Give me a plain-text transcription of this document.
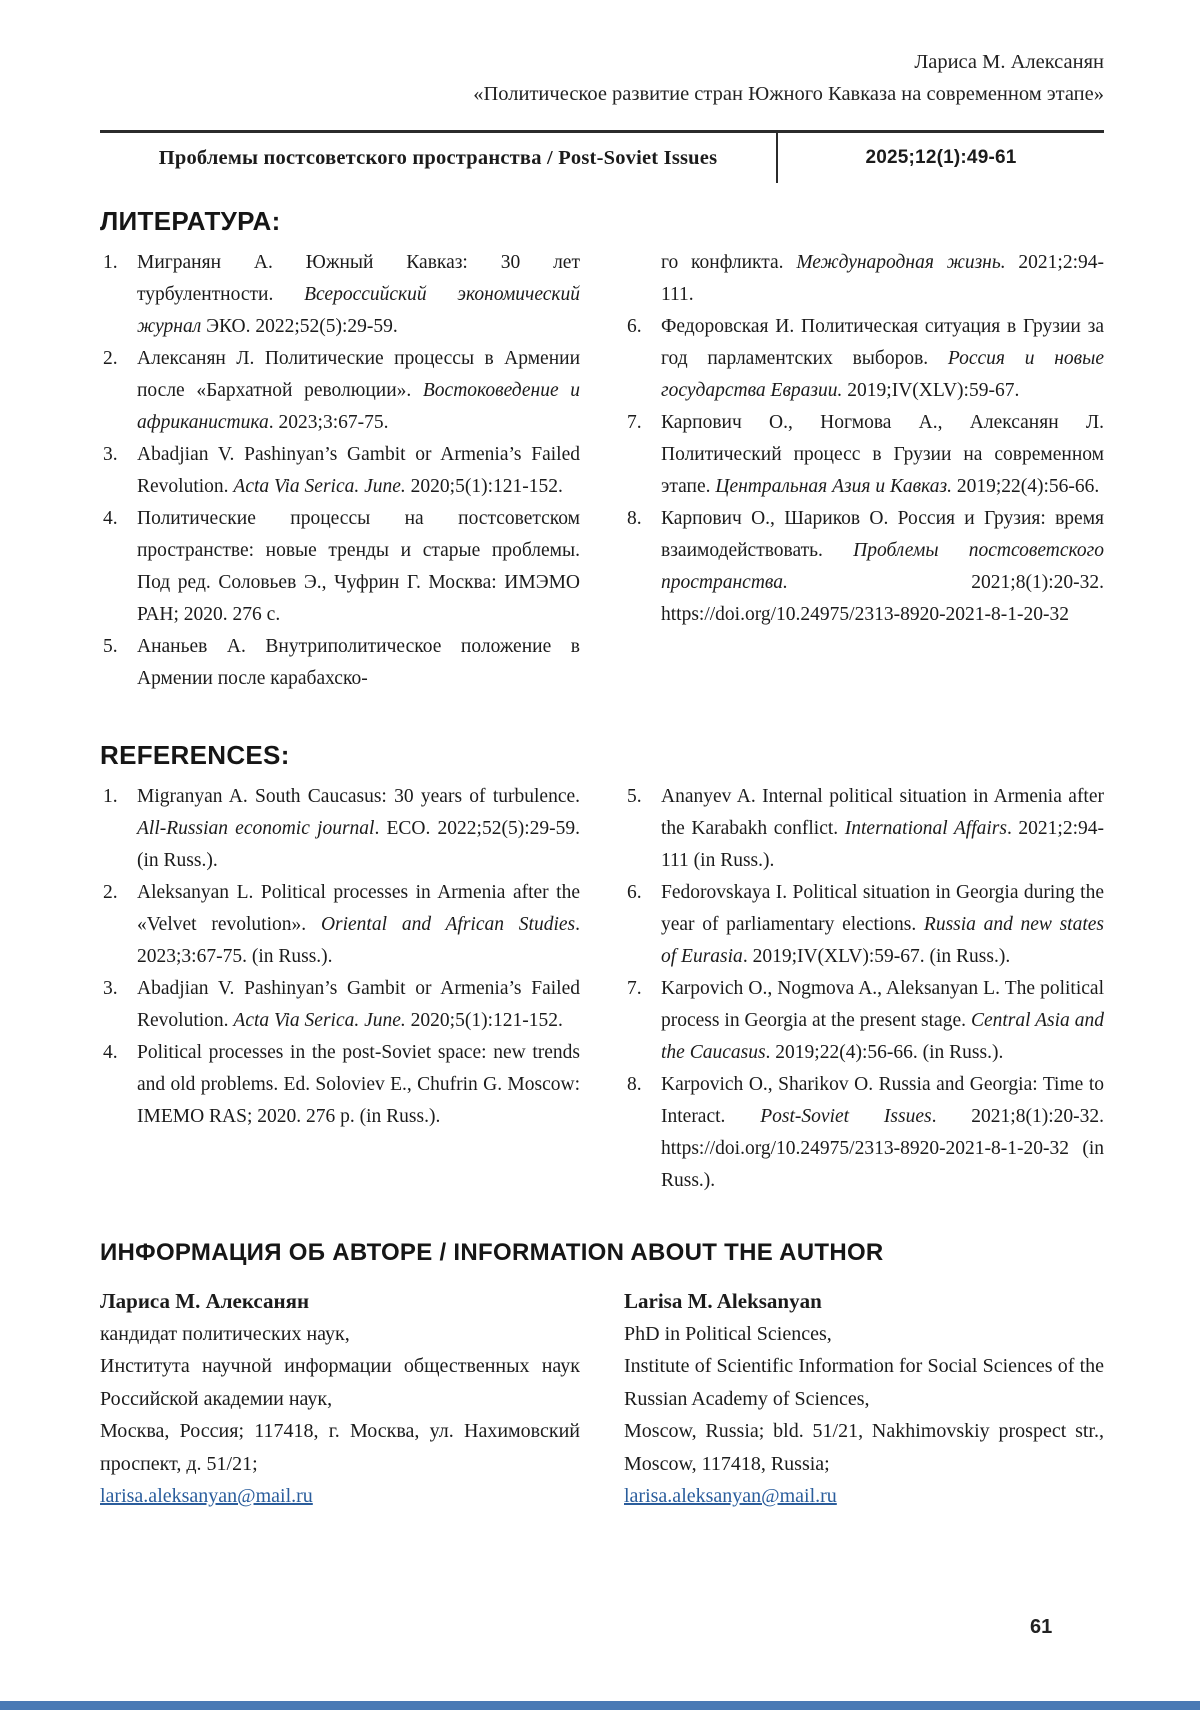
Лариса М. Алексанян
«Политическое развитие стран Южного Кавказа на современном этапе»
Проблемы постсоветского пространства / Post-Soviet Issues	2025;12(1):49-61
ЛИТЕРАТУРА:
1. Мигранян А. Южный Кавказ: 30 лет турбулентности. Всероссийский экономический журнал ЭКО. 2022;52(5):29-59.
2. Алексанян Л. Политические процессы в Армении после «Бархатной революции». Востоковедение и африканистика. 2023;3:67-75.
3. Abadjian V. Pashinyan’s Gambit or Armenia’s Failed Revolution. Acta Via Serica. June. 2020;5(1):121-152.
4. Политические процессы на постсоветском пространстве: новые тренды и старые проблемы. Под ред. Соловьев Э., Чуфрин Г. Москва: ИМЭМО РАН; 2020. 276 с.
5. Ананьев А. Внутриполитическое положение в Армении после карабахско-
го конфликта. Международная жизнь. 2021;2:94-111.
6. Федоровская И. Политическая ситуация в Грузии за год парламентских выборов. Россия и новые государства Евразии. 2019;IV(XLV):59-67.
7. Карпович О., Ногмова А., Алексанян Л. Политический процесс в Грузии на современном этапе. Центральная Азия и Кавказ. 2019;22(4):56-66.
8. Карпович О., Шариков О. Россия и Грузия: время взаимодействовать. Проблемы постсоветского пространства. 2021;8(1):20-32. https://doi.org/10.24975/2313-8920-2021-8-1-20-32
REFERENCES:
1. Migranyan A. South Caucasus: 30 years of turbulence. All-Russian economic journal. ECO. 2022;52(5):29-59. (in Russ.).
2. Aleksanyan L. Political processes in Armenia after the «Velvet revolution». Oriental and African Studies. 2023;3:67-75. (in Russ.).
3. Abadjian V. Pashinyan’s Gambit or Armenia’s Failed Revolution. Acta Via Serica. June. 2020;5(1):121-152.
4. Political processes in the post-Soviet space: new trends and old problems. Ed. Soloviev E., Chufrin G. Moscow: IMEMO RAS; 2020. 276 p. (in Russ.).
5. Ananyev A. Internal political situation in Armenia after the Karabakh conflict. International Affairs. 2021;2:94-111 (in Russ.).
6. Fedorovskaya I. Political situation in Georgia during the year of parliamentary elections. Russia and new states of Eurasia. 2019;IV(XLV):59-67. (in Russ.).
7. Karpovich O., Nogmova A., Aleksanyan L. The political process in Georgia at the present stage. Central Asia and the Caucasus. 2019;22(4):56-66. (in Russ.).
8. Karpovich O., Sharikov O. Russia and Georgia: Time to Interact. Post-Soviet Issues. 2021;8(1):20-32. https://doi.org/10.24975/2313-8920-2021-8-1-20-32 (in Russ.).
ИНФОРМАЦИЯ ОБ АВТОРЕ / INFORMATION ABOUT THE AUTHOR
Лариса М. Алексанян
кандидат политических наук,
Института научной информации общественных наук Российской академии наук,
Москва, Россия; 117418, г. Москва, ул. Нахимовский проспект, д. 51/21;
larisa.aleksanyan@mail.ru
Larisa M. Aleksanyan
PhD in Political Sciences,
Institute of Scientific Information for Social Sciences of the Russian Academy of Sciences,
Moscow, Russia; bld. 51/21, Nakhimovskiy prospect str., Moscow, 117418, Russia;
larisa.aleksanyan@mail.ru
61
